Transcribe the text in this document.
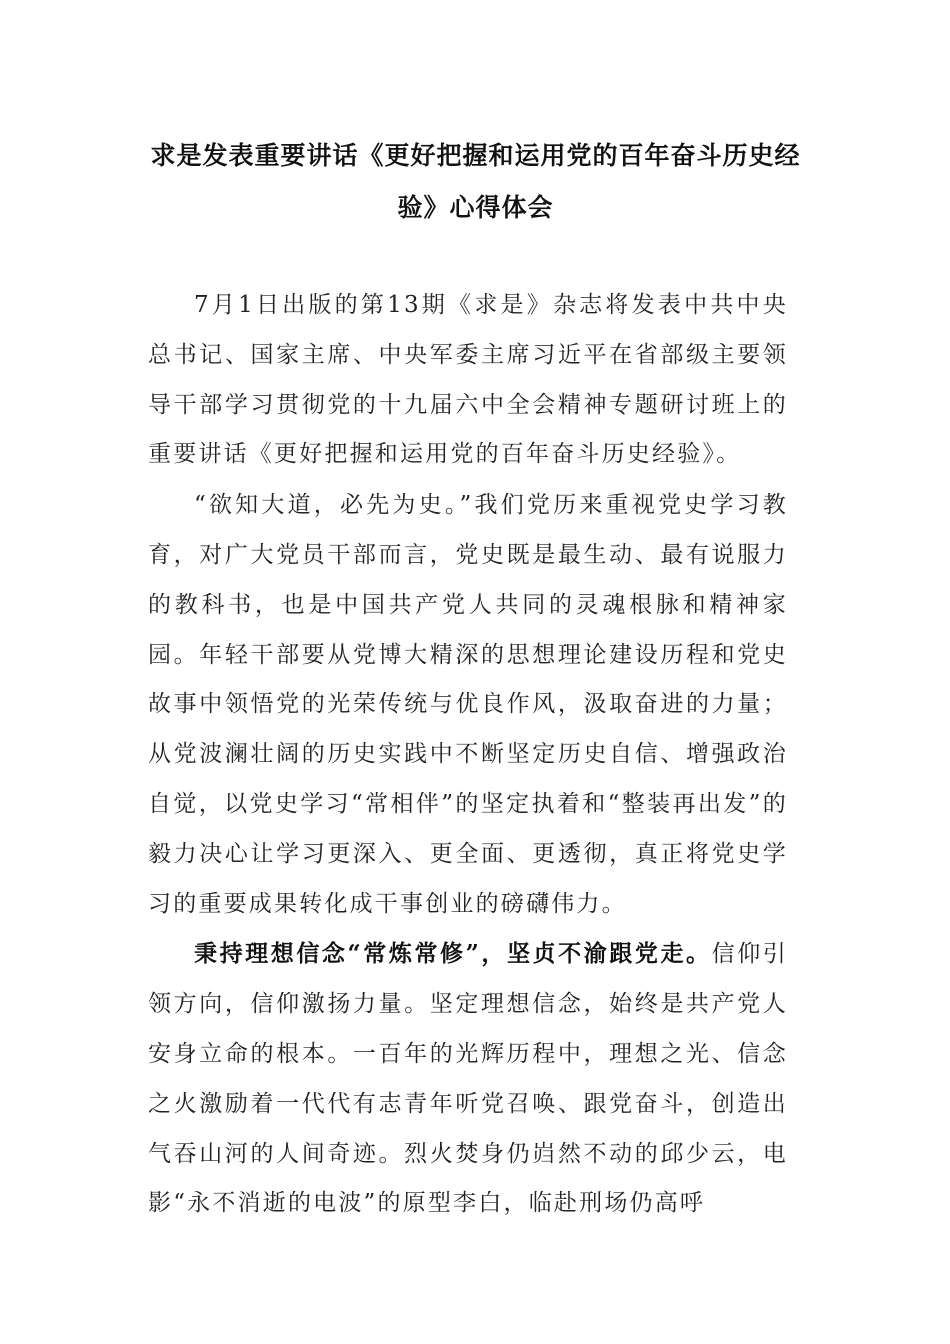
求是发表重要讲话《更好把握和运用党的百年奋斗历史经验》心得体会

7月1日出版的第13期《求是》杂志将发表中共中央总书记、国家主席、中央军委主席习近平在省部级主要领导干部学习贯彻党的十九届六中全会精神专题研讨班上的重要讲话《更好把握和运用党的百年奋斗历史经验》。

“欲知大道，必先为史。”我们党历来重视党史学习教育，对广大党员干部而言，党史既是最生动、最有说服力的教科书，也是中国共产党人共同的灵魂根脉和精神家园。年轻干部要从党博大精深的思想理论建设历程和党史故事中领悟党的光荣传统与优良作风，汲取奋进的力量；从党波澜壮阔的历史实践中不断坚定历史自信、增强政治自觉，以党史学习“常相伴”的坚定执着和“整装再出发”的毅力决心让学习更深入、更全面、更透彻，真正将党史学习的重要成果转化成干事创业的磅礴伟力。

秉持理想信念“常炼常修”，坚贞不渝跟党走。信仰引领方向，信仰激扬力量。坚定理想信念，始终是共产党人安身立命的根本。一百年的光辉历程中，理想之光、信念之火激励着一代代有志青年听党召唤、跟党奋斗，创造出气吞山河的人间奇迹。烈火焚身仍岿然不动的邱少云，电影“永不消逝的电波”的原型李白，临赴刑场仍高呼
